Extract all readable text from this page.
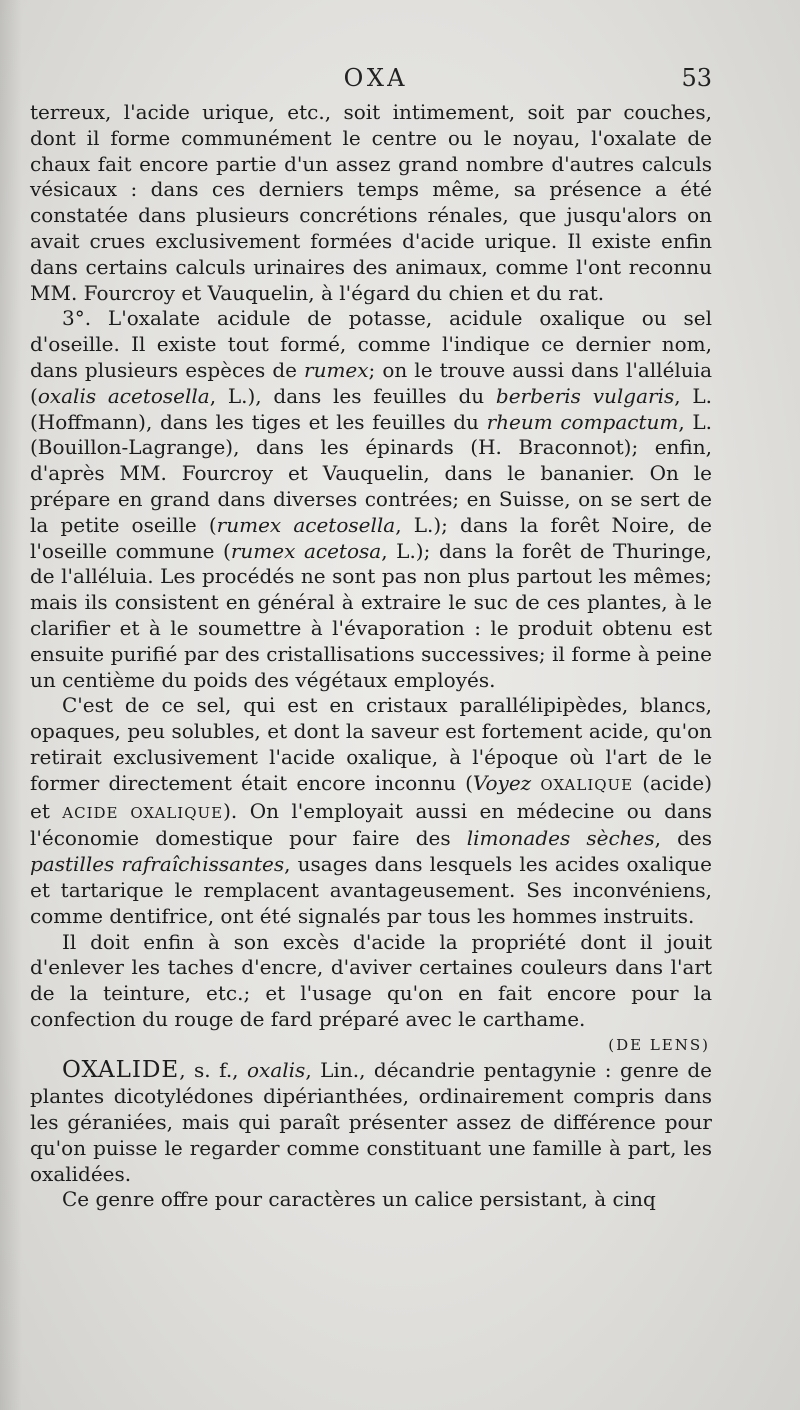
OXA	53

terreux, l'acide urique, etc., soit intimement, soit par couches, dont il forme communément le centre ou le noyau, l'oxalate de chaux fait encore partie d'un assez grand nombre d'autres calculs vésicaux : dans ces derniers temps même, sa présence a été constatée dans plusieurs concrétions rénales, que jusqu'alors on avait crues exclusivement formées d'acide urique. Il existe enfin dans certains calculs urinaires des animaux, comme l'ont reconnu MM. Fourcroy et Vauquelin, à l'égard du chien et du rat.

3°. L'oxalate acidule de potasse, acidule oxalique ou sel d'oseille. Il existe tout formé, comme l'indique ce dernier nom, dans plusieurs espèces de rumex; on le trouve aussi dans l'alléluia (oxalis acetosella, L.), dans les feuilles du berberis vulgaris, L. (Hoffmann), dans les tiges et les feuilles du rheum compactum, L. (Bouillon-Lagrange), dans les épinards (H. Braconnot); enfin, d'après MM. Fourcroy et Vauquelin, dans le bananier. On le prépare en grand dans diverses contrées; en Suisse, on se sert de la petite oseille (rumex acetosella, L.); dans la forêt Noire, de l'oseille commune (rumex acetosa, L.); dans la forêt de Thuringe, de l'alléluia. Les procédés ne sont pas non plus partout les mêmes; mais ils consistent en général à extraire le suc de ces plantes, à le clarifier et à le soumettre à l'évaporation : le produit obtenu est ensuite purifié par des cristallisations successives; il forme à peine un centième du poids des végétaux employés.

C'est de ce sel, qui est en cristaux parallélipipèdes, blancs, opaques, peu solubles, et dont la saveur est fortement acide, qu'on retirait exclusivement l'acide oxalique, à l'époque où l'art de le former directement était encore inconnu (Voyez OXALIQUE (acide) et ACIDE OXALIQUE). On l'employait aussi en médecine ou dans l'économie domestique pour faire des limonades sèches, des pastilles rafraîchissantes, usages dans lesquels les acides oxalique et tartarique le remplacent avantageusement. Ses inconvéniens, comme dentifrice, ont été signalés par tous les hommes instruits.

Il doit enfin à son excès d'acide la propriété dont il jouit d'enlever les taches d'encre, d'aviver certaines couleurs dans l'art de la teinture, etc.; et l'usage qu'on en fait encore pour la confection du rouge de fard préparé avec le carthame.

(DE LENS)

OXALIDE, s. f., oxalis, Lin., décandrie pentagynie : genre de plantes dicotylédones dipérianthées, ordinairement compris dans les géraniées, mais qui paraît présenter assez de différence pour qu'on puisse le regarder comme constituant une famille à part, les oxalidées.

Ce genre offre pour caractères un calice persistant, à cinq
